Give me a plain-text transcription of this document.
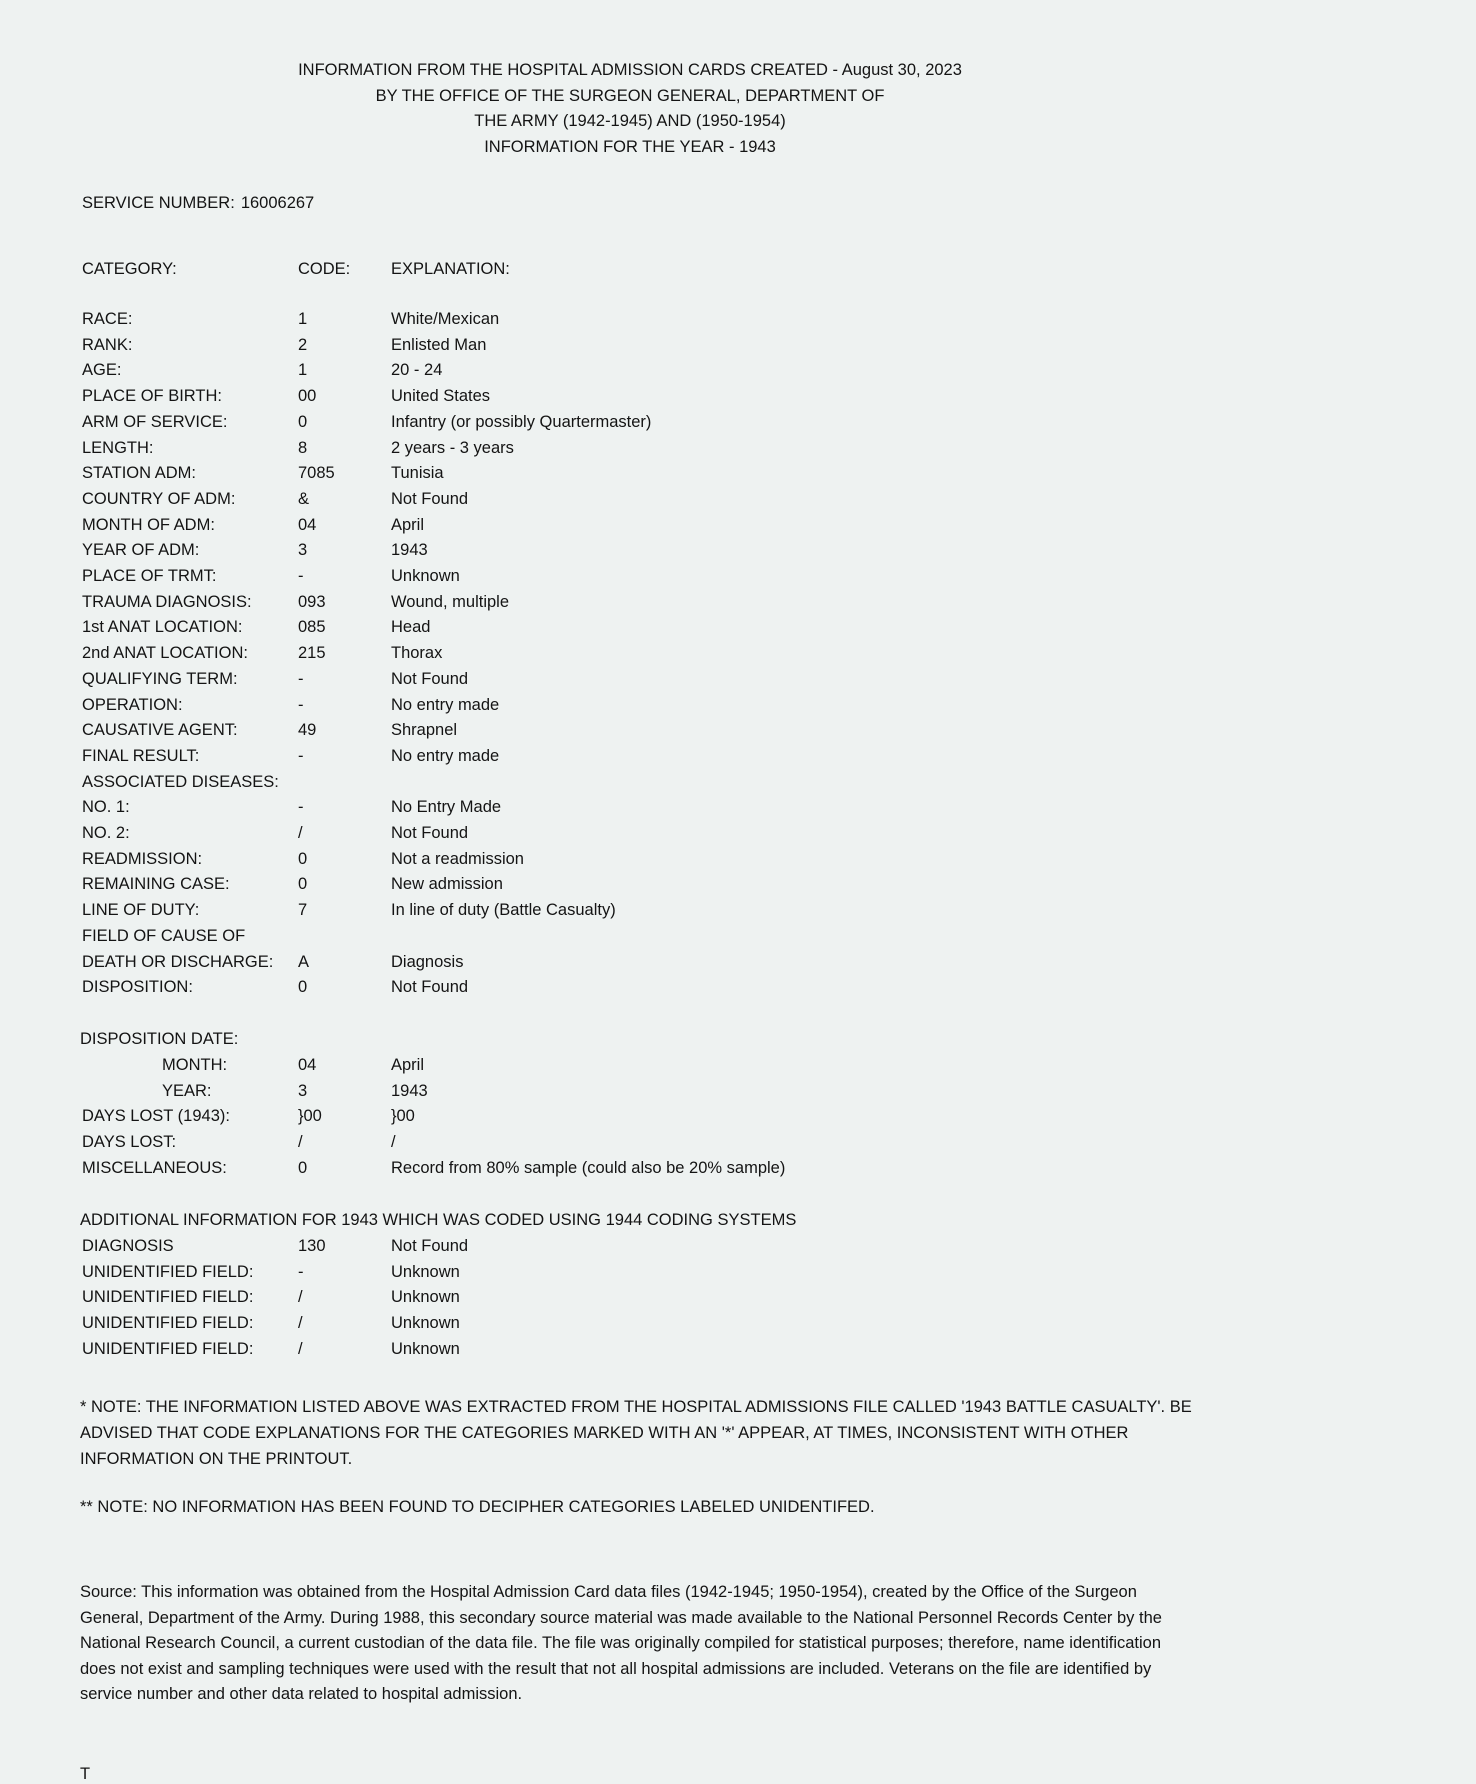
INFORMATION FROM THE HOSPITAL ADMISSION CARDS CREATED - August 30, 2023
BY THE OFFICE OF THE SURGEON GENERAL, DEPARTMENT OF
THE ARMY (1942-1945) AND (1950-1954)
INFORMATION FOR THE YEAR - 1943
SERVICE NUMBER: 16006267
CATEGORY:	CODE: EXPLANATION:
RACE:	1	White/Mexican
RANK:	2	Enlisted Man
AGE:	1	20 - 24
PLACE OF BIRTH:	00	United States
ARM OF SERVICE:	0	Infantry (or possibly Quartermaster)
LENGTH:	8	2 years - 3 years
STATION ADM:	7085	Tunisia
COUNTRY OF ADM:	&	Not Found
MONTH OF ADM:	04	April
YEAR OF ADM:	3	1943
PLACE OF TRMT:	-	Unknown
TRAUMA DIAGNOSIS:	093	Wound, multiple
1st ANAT LOCATION:	085	Head
2nd ANAT LOCATION:	215	Thorax
QUALIFYING TERM:	-	Not Found
OPERATION:	-	No entry made
CAUSATIVE AGENT:	49	Shrapnel
FINAL RESULT:	-	No entry made
ASSOCIATED DISEASES:
NO. 1:	-	No Entry Made
NO. 2:	/	Not Found
READMISSION:	0	Not a readmission
REMAINING CASE:	0	New admission
LINE OF DUTY:	7	In line of duty (Battle Casualty)
FIELD OF CAUSE OF
DEATH OR DISCHARGE: A	Diagnosis
DISPOSITION:	0	Not Found
DISPOSITION DATE:
MONTH:	04	April
YEAR:	3	1943
DAYS LOST (1943):	}00	}00
DAYS LOST:	/	/
MISCELLANEOUS:	0	Record from 80% sample (could also be 20% sample)
ADDITIONAL INFORMATION FOR 1943 WHICH WAS CODED USING 1944 CODING SYSTEMS
DIAGNOSIS	130	Not Found
UNIDENTIFIED FIELD:	-	Unknown
UNIDENTIFIED FIELD:	/	Unknown
UNIDENTIFIED FIELD:	/	Unknown
UNIDENTIFIED FIELD:	/	Unknown

* NOTE: THE INFORMATION LISTED ABOVE WAS EXTRACTED FROM THE HOSPITAL ADMISSIONS FILE CALLED '1943 BATTLE CASUALTY'. BE ADVISED THAT CODE EXPLANATIONS FOR THE CATEGORIES MARKED WITH AN '*' APPEAR, AT TIMES, INCONSISTENT WITH OTHER INFORMATION ON THE PRINTOUT.

** NOTE: NO INFORMATION HAS BEEN FOUND TO DECIPHER CATEGORIES LABELED UNIDENTIFED.
Source: This information was obtained from the Hospital Admission Card data files (1942-1945; 1950-1954), created by the Office of the Surgeon General, Department of the Army. During 1988, this secondary source material was made available to the National Personnel Records Center by the National Research Council, a current custodian of the data file. The file was originally compiled for statistical purposes; therefore, name identification does not exist and sampling techniques were used with the result that not all hospital admissions are included. Veterans on the file are identified by service number and other data related to hospital admission.
T
